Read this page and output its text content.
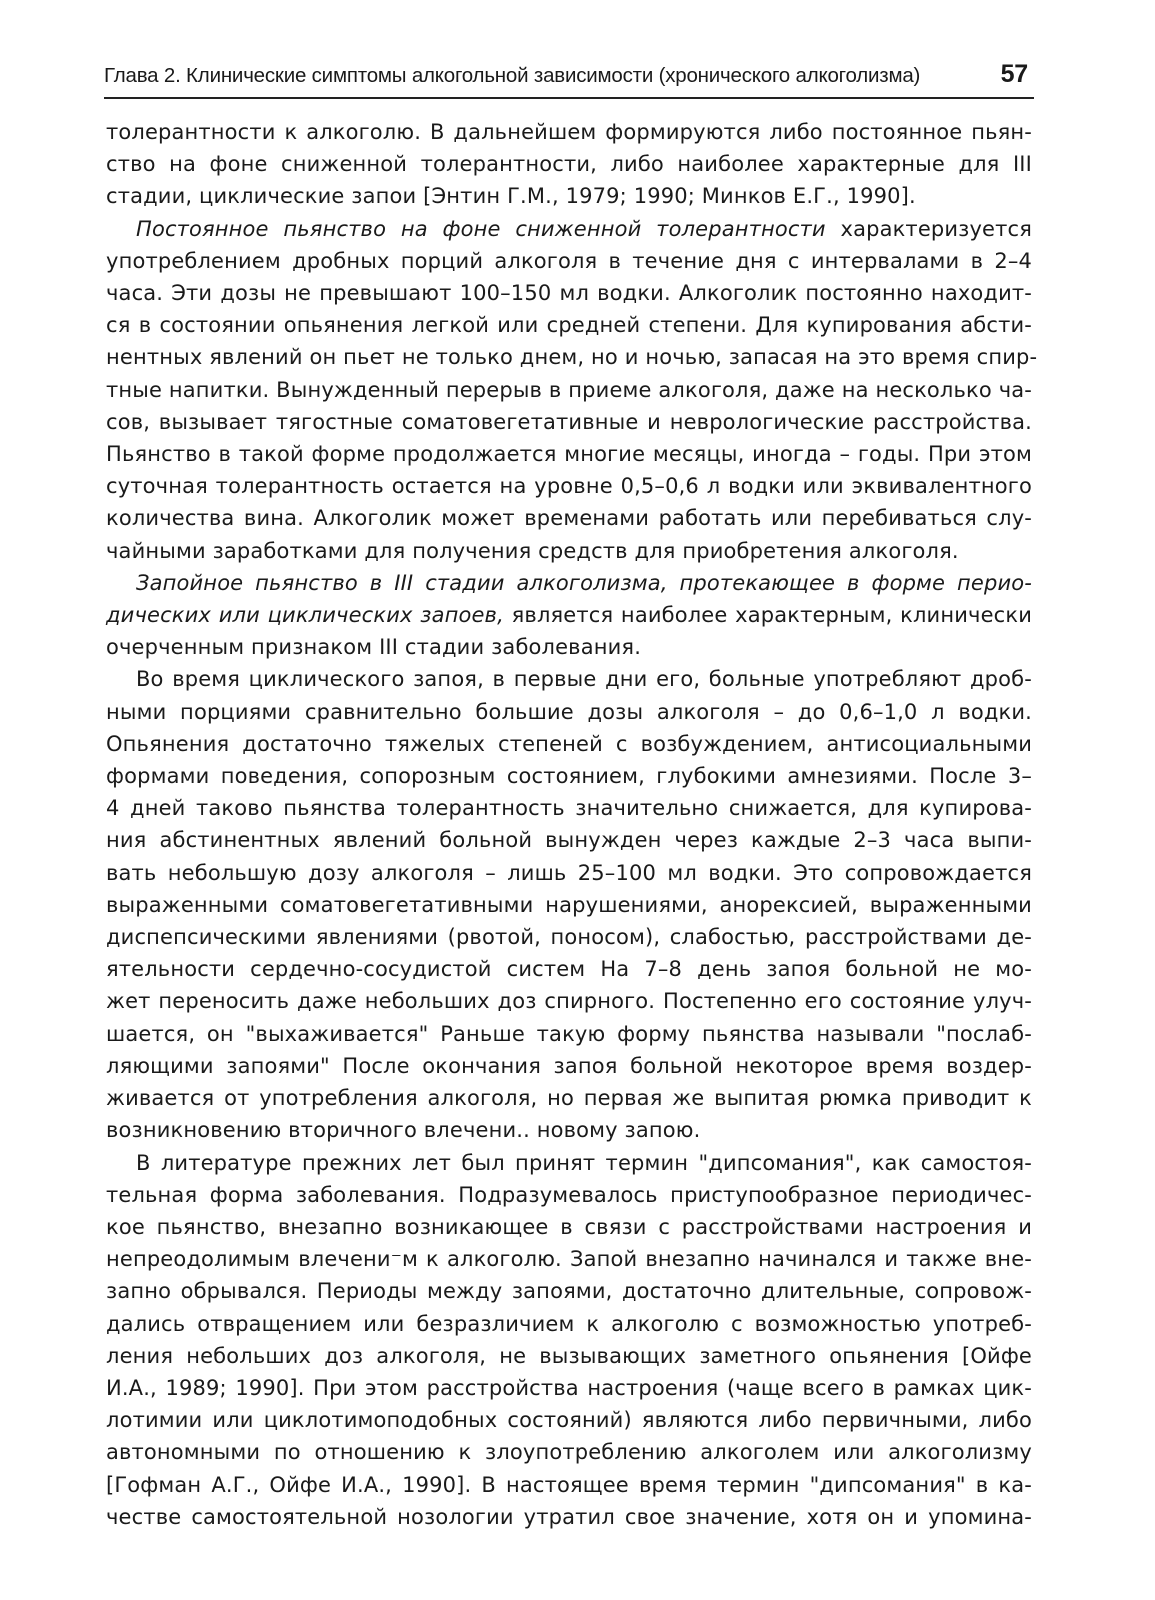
Глава 2. Клинические симптомы алкогольной зависимости (хронического алкоголизма)	57
толерантности к алкоголю. В дальнейшем формируются либо постоянное пьян-
ство на фоне сниженной толерантности, либо наиболее характерные для III
стадии, циклические запои [Энтин Г.М., 1979; 1990; Минков Е.Г., 1990].
Постоянное пьянство на фоне сниженной толерантности характеризуется
употреблением дробных порций алкоголя в течение дня с интервалами в 2–4
часа. Эти дозы не превышают 100–150 мл водки. Алкоголик постоянно находит-
ся в состоянии опьянения легкой или средней степени. Для купирования абсти-
нентных явлений он пьет не только днем, но и ночью, запасая на это время спир-
тные напитки. Вынужденный перерыв в приеме алкоголя, даже на несколько ча-
сов, вызывает тягостные соматовегетативные и неврологические расстройства.
Пьянство в такой форме продолжается многие месяцы, иногда – годы. При этом
суточная толерантность остается на уровне 0,5–0,6 л водки или эквивалентного
количества вина. Алкоголик может временами работать или перебиваться слу-
чайными заработками для получения средств для приобретения алкоголя.
Запойное пьянство в III стадии алкоголизма, протекающее в форме перио-
дических или циклических запоев, является наиболее характерным, клинически
очерченным признаком III стадии заболевания.
Во время циклического запоя, в первые дни его, больные употребляют дроб-
ными порциями сравнительно большие дозы алкоголя – до 0,6–1,0 л водки.
Опьянения достаточно тяжелых степеней с возбуждением, антисоциальными
формами поведения, сопорозным состоянием, глубокими амнезиями. После 3–
4 дней таково пьянства толерантность значительно снижается, для купирова-
ния абстинентных явлений больной вынужден через каждые 2–3 часа выпи-
вать небольшую дозу алкоголя – лишь 25–100 мл водки. Это сопровождается
выраженными соматовегетативными нарушениями, анорексией, выраженными
диспепсическими явлениями (рвотой, поносом), слабостью, расстройствами де-
ятельности сердечно-сосудистой систем На 7–8 день запоя больной не мо-
жет переносить даже небольших доз спирного. Постепенно его состояние улуч-
шается, он "выхаживается" Раньше такую форму пьянства называли "послаб-
ляющими запоями" После окончания запоя больной некоторое время воздер-
живается от употребления алкоголя, но первая же выпитая рюмка приводит к
возникновению вторичного влечени.. новому запою.
В литературе прежних лет был принят термин "дипсомания", как самостоя-
тельная форма заболевания. Подразумевалось приступообразное периодичес-
кое пьянство, внезапно возникающее в связи с расстройствами настроения и
непреодолимым влечени⁻м к алкоголю. Запой внезапно начинался и также вне-
запно обрывался. Периоды между запоями, достаточно длительные, сопровож-
дались отвращением или безразличием к алкоголю с возможностью употреб-
ления небольших доз алкоголя, не вызывающих заметного опьянения [Ойфе
И.А., 1989; 1990]. При этом расстройства настроения (чаще всего в рамках цик-
лотимии или циклотимоподобных состояний) являются либо первичными, либо
автономными по отношению к злоупотреблению алкоголем или алкоголизму
[Гофман А.Г., Ойфе И.А., 1990]. В настоящее время термин "дипсомания" в ка-
честве самостоятельной нозологии утратил свое значение, хотя он и упомина-
